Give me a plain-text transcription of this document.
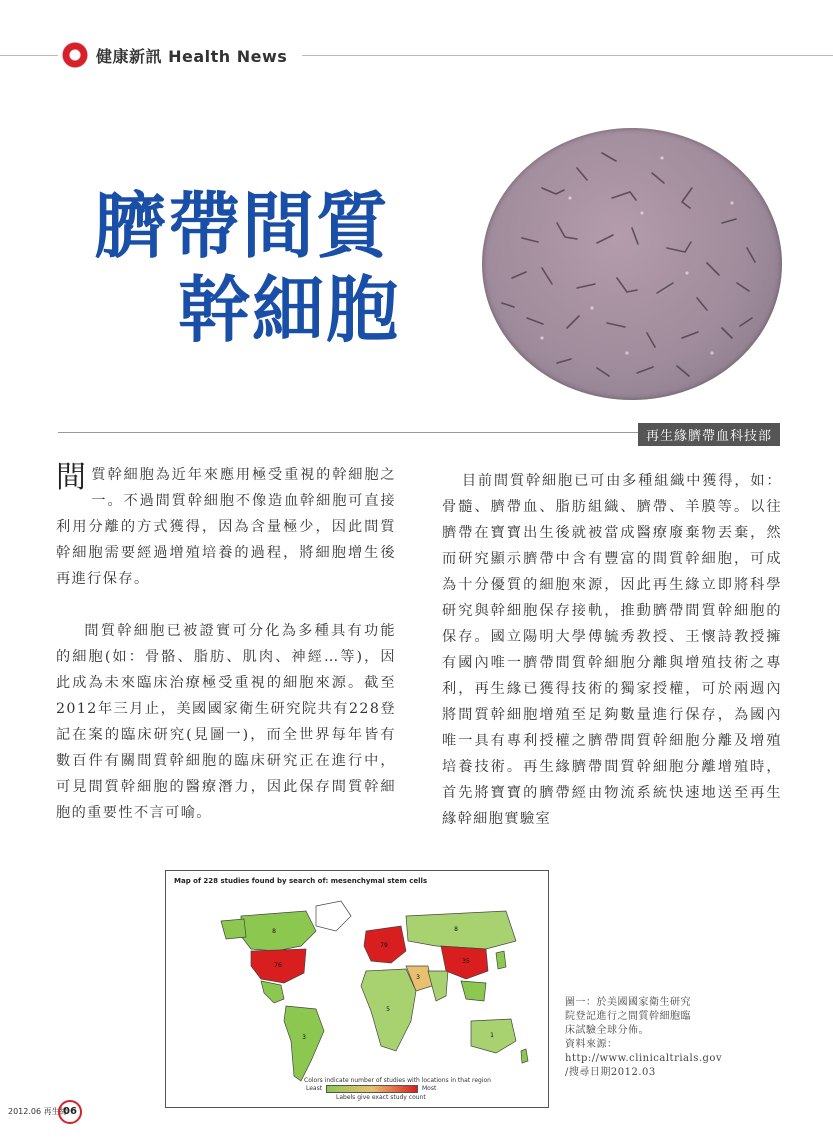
健康新訊 Health News
臍帶間質
幹細胞
再生緣臍帶血科技部

間質幹細胞為近年來應用極受重視的幹細胞之一。不過間質幹細胞不像造血幹細胞可直接利用分離的方式獲得，因為含量極少，因此間質幹細胞需要經過增殖培養的過程，將細胞增生後再進行保存。

間質幹細胞已被證實可分化為多種具有功能的細胞(如：骨骼、脂肪、肌肉、神經…等)，因此成為未來臨床治療極受重視的細胞來源。截至2012年三月止，美國國家衛生研究院共有228登記在案的臨床研究(見圖一)，而全世界每年皆有數百件有關間質幹細胞的臨床研究正在進行中，可見間質幹細胞的醫療潛力，因此保存間質幹細胞的重要性不言可喻。

目前間質幹細胞已可由多種組織中獲得，如：骨髓、臍帶血、脂肪組織、臍帶、羊膜等。以往臍帶在寶寶出生後就被當成醫療廢棄物丟棄，然而研究顯示臍帶中含有豐富的間質幹細胞，可成為十分優質的細胞來源，因此再生緣立即將科學研究與幹細胞保存接軌，推動臍帶間質幹細胞的保存。國立陽明大學傅毓秀教授、王懷詩教授擁有國內唯一臍帶間質幹細胞分離與增殖技術之專利，再生緣已獲得技術的獨家授權，可於兩週內將間質幹細胞增殖至足夠數量進行保存，為國內唯一具有專利授權之臍帶間質幹細胞分離及增殖培養技術。再生緣臍帶間質幹細胞分離增殖時，首先將寶寶的臍帶經由物流系統快速地送至再生緣幹細胞實驗室

Map of 228 studies found by search of: mesenchymal stem cells
76
8
79
8
3
35
5
3	1
Colors indicate number of studies with locations in that region
Least	Most
Labels give exact study count
圖一：於美國國家衛生研究
院登記進行之間質幹細胞臨
床試驗全球分佈。
資料來源：
http://www.clinicaltrials.gov
/搜尋日期2012.03
2012.06 再生緣
06
